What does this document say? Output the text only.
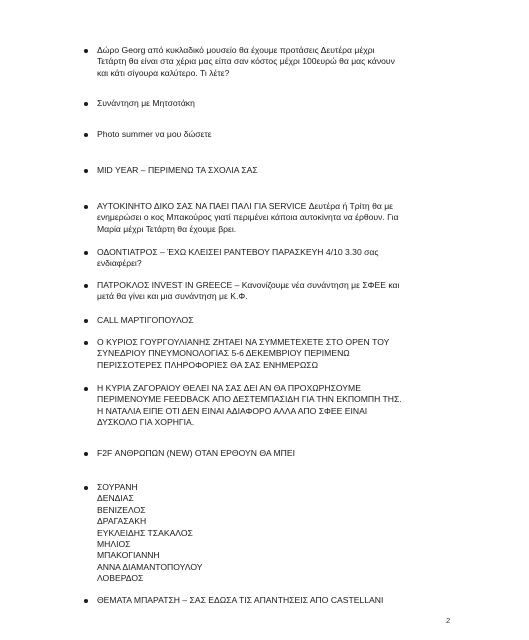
Δώρο Georg από κυκλαδικό μουσείο θα έχουμε προτάσεις Δευτέρα μέχρι
Τετάρτη θα είναι στα χέρια μας είπα σαν κόστος μέχρι 100ευρώ θα μας κάνουν
και κάτι σίγουρα καλύτερο. Τι λέτε?
Συνάντηση με Μητσοτάκη
Photo summer να μου δώσετε
MID YEAR – ΠΕΡΙΜΕΝΩ ΤΑ ΣΧΟΛΙΑ ΣΑΣ
ΑΥΤΟΚΙΝΗΤΟ ΔΙΚΟ ΣΑΣ ΝΑ ΠΑΕΙ ΠΑΛΙ ΓΙΑ SERVICE Δευτέρα ή Τρίτη θα με
ενημερώσει ο κος Μπακούρος γιατί περιμένει κάποια αυτοκίνητα να έρθουν. Για
Μαρία μέχρι Τετάρτη θα έχουμε βρει.
ΟΔΟΝΤΙΑΤΡΟΣ – ΈΧΩ ΚΛΕΙΣΕΙ ΡΑΝΤΕΒΟΥ ΠΑΡΑΣΚΕΥΗ 4/10 3.30 σας
ενδιαφέρει?
ΠΑΤΡΟΚΛΟΣ INVEST IN GREECE – Κανονίζουμε νέα συνάντηση με ΣΦΕΕ και
μετά θα γίνει και μια συνάντηση με Κ.Φ.
CALL ΜΑΡΤΙΓΟΠΟΥΛΟΣ
Ο ΚΥΡΙΟΣ ΓΟΥΡΓΟΥΛΙΑΝΗΣ ΖΗΤΑΕΙ ΝΑ ΣΥΜΜΕΤΕΧΕΤΕ ΣΤΟ OPEN ΤΟΥ
ΣΥΝΕΔΡΙΟΥ ΠΝΕΥΜΟΝΟΛΟΓΙΑΣ 5-6 ΔΕΚΕΜΒΡΙΟΥ ΠΕΡΙΜΕΝΩ
ΠΕΡΙΣΣΟΤΕΡΕΣ ΠΛΗΡΟΦΟΡΙΕΣ ΘΑ ΣΑΣ ΕΝΗΜΕΡΩΣΩ
Η ΚΥΡΙΑ ΖΑΓΟΡΑΙΟΥ ΘΕΛΕΙ ΝΑ ΣΑΣ ΔΕΙ ΑΝ ΘΑ ΠΡΟΧΩΡΗΣΟΥΜΕ
ΠΕΡΙΜΕΝΟΥΜΕ FEEDBACK ΑΠΟ ΔΕΣΤΕΜΠΑΣΙΔΗ ΓΙΑ ΤΗΝ ΕΚΠΟΜΠΗ ΤΗΣ.
Η ΝΑΤΑΛΙΑ ΕΙΠΕ ΟΤΙ ΔΕΝ ΕΙΝΑΙ ΑΔΙΑΦΟΡΟ ΑΛΛΑ ΑΠΟ ΣΦΕΕ ΕΙΝΑΙ
ΔΥΣΚΟΛΟ ΓΙΑ ΧΟΡΗΓΙΑ.
F2F ΑΝΘΡΩΠΩΝ (NEW) ΟΤΑΝ ΕΡΘΟΥΝ ΘΑ ΜΠΕΙ
ΣΟΥΡΑΝΗ
ΔΕΝΔΙΑΣ
ΒΕΝΙΖΕΛΟΣ
ΔΡΑΓΑΣΑΚΗ
ΕΥΚΛΕΙΔΗΣ ΤΣΑΚΑΛΟΣ
ΜΗΛΙΟΣ
ΜΠΑΚΟΓΙΑΝΝΗ
ΑΝΝΑ ΔΙΑΜΑΝΤΟΠΟΥΛΟΥ
ΛΟΒΕΡΔΟΣ
ΘΕΜΑΤΑ ΜΠΑΡΑΤΣΗ – ΣΑΣ ΕΔΩΣΑ ΤΙΣ ΑΠΑΝΤΗΣΕΙΣ ΑΠΟ CASTELLANI
2
